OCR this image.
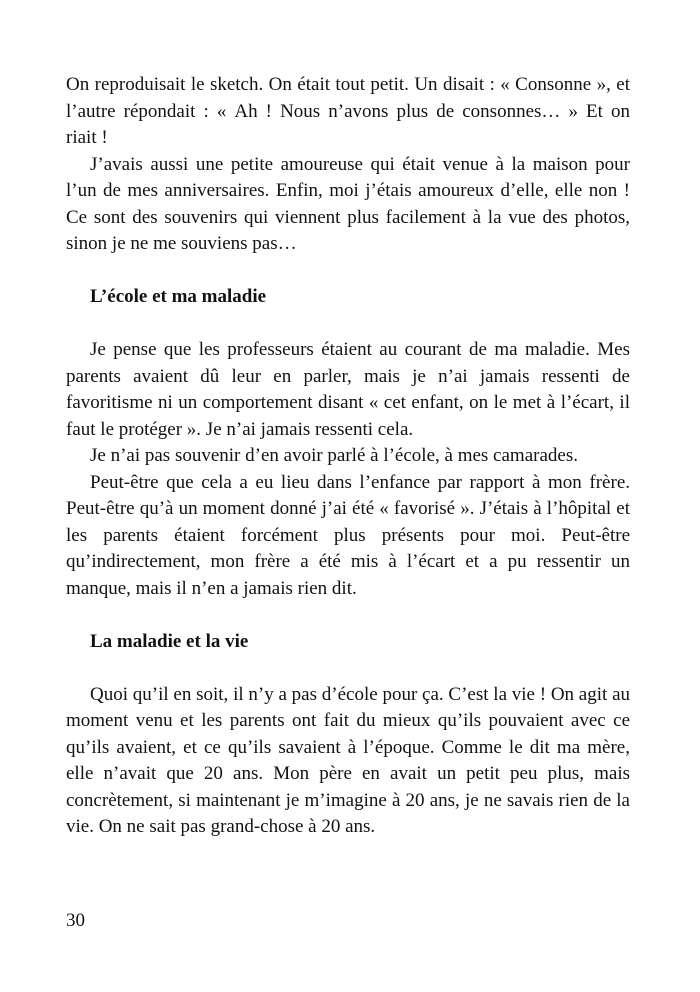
On reproduisait le sketch. On était tout petit. Un disait : « Consonne », et l’autre répondait : « Ah ! Nous n’avons plus de consonnes… » Et on riait !

J’avais aussi une petite amoureuse qui était venue à la maison pour l’un de mes anniversaires. Enfin, moi j’étais amoureux d’elle, elle non ! Ce sont des souvenirs qui viennent plus facilement à la vue des photos, sinon je ne me souviens pas…

L’école et ma maladie

Je pense que les professeurs étaient au courant de ma maladie. Mes parents avaient dû leur en parler, mais je n’ai jamais ressenti de favoritisme ni un comportement disant « cet enfant, on le met à l’écart, il faut le protéger ». Je n’ai jamais ressenti cela.

Je n’ai pas souvenir d’en avoir parlé à l’école, à mes camarades.

Peut-être que cela a eu lieu dans l’enfance par rapport à mon frère. Peut-être qu’à un moment donné j’ai été « favorisé ». J’étais à l’hôpital et les parents étaient forcément plus présents pour moi. Peut-être qu’indirectement, mon frère a été mis à l’écart et a pu ressentir un manque, mais il n’en a jamais rien dit.

La maladie et la vie

Quoi qu’il en soit, il n’y a pas d’école pour ça. C’est la vie ! On agit au moment venu et les parents ont fait du mieux qu’ils pouvaient avec ce qu’ils avaient, et ce qu’ils savaient à l’époque. Comme le dit ma mère, elle n’avait que 20 ans. Mon père en avait un petit peu plus, mais concrètement, si maintenant je m’imagine à 20 ans, je ne savais rien de la vie. On ne sait pas grand-chose à 20 ans.

30
